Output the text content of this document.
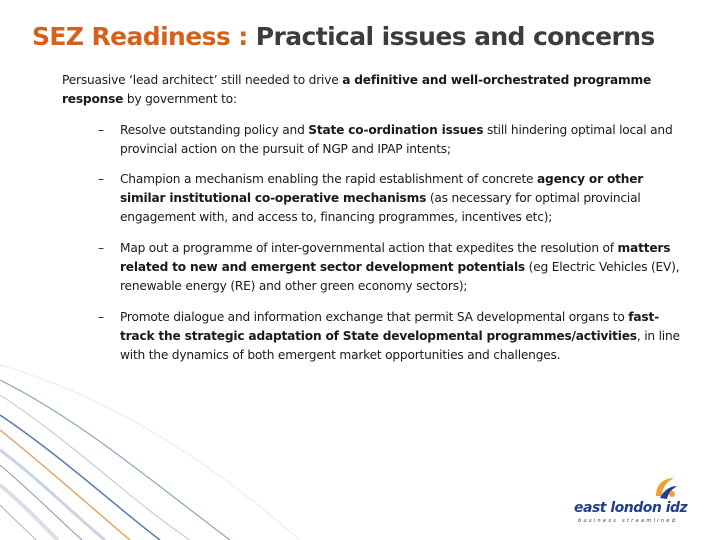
SEZ Readiness : Practical issues and concerns
Persuasive ‘lead architect’ still needed to drive a definitive and well-orchestrated programme response by government to:
– Resolve outstanding policy and State co-ordination issues still hindering optimal local and provincial action on the pursuit of NGP and IPAP intents;
– Champion a mechanism enabling the rapid establishment of concrete agency or other similar institutional co-operative mechanisms (as necessary for optimal provincial engagement with, and access to, financing programmes, incentives etc);
– Map out a programme of inter-governmental action that expedites the resolution of matters related to new and emergent sector development potentials (eg Electric Vehicles (EV), renewable energy (RE) and other green economy sectors);
– Promote dialogue and information exchange that permit SA developmental organs to fast-track the strategic adaptation of State developmental programmes/activities, in line with the dynamics of both emergent market opportunities and challenges.
east london idz
business streamlined
